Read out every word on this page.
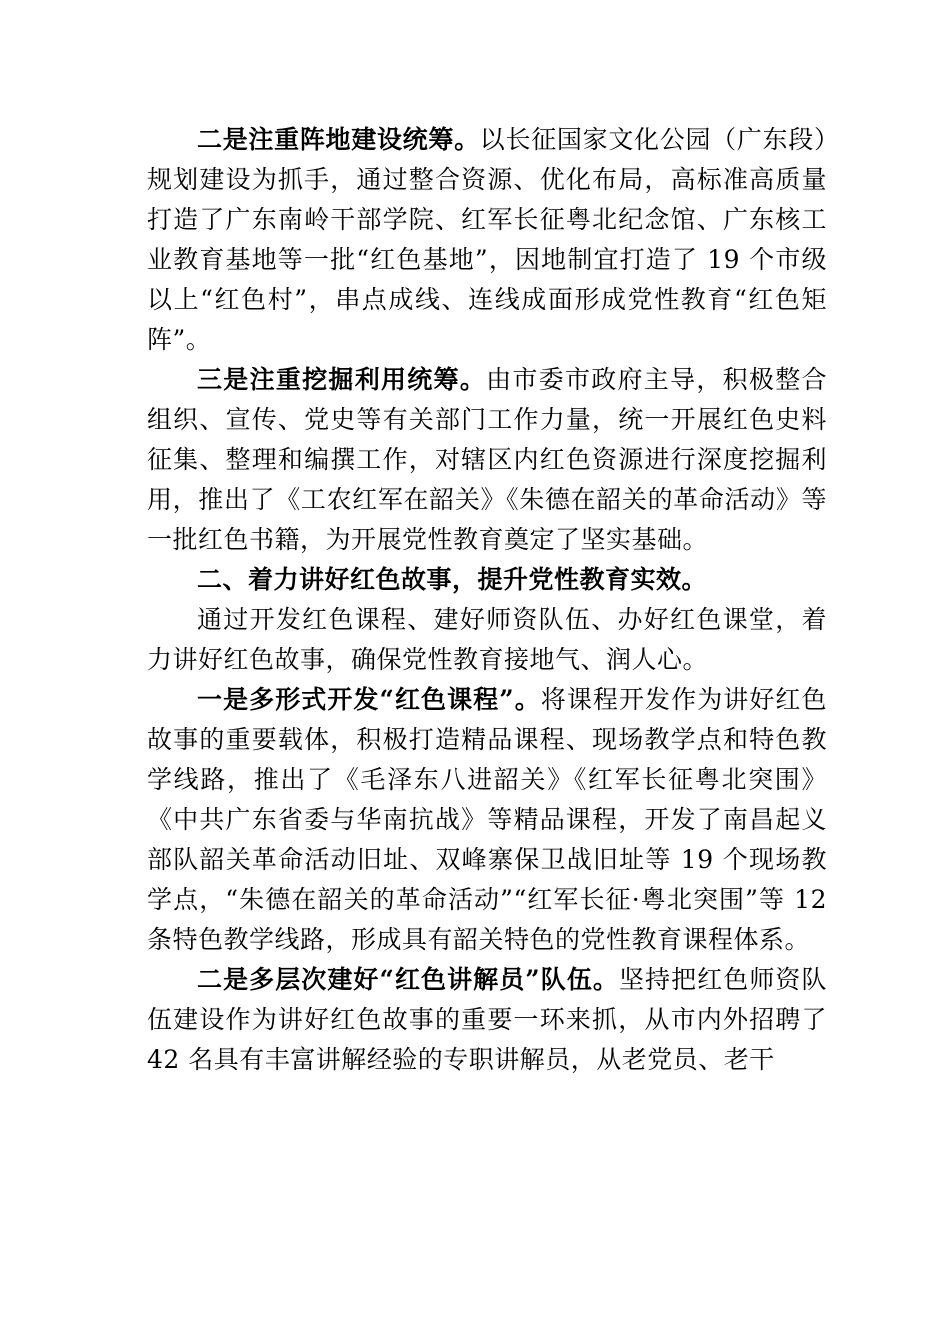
二是注重阵地建设统筹。以长征国家文化公园（广东段）规划建设为抓手，通过整合资源、优化布局，高标准高质量打造了广东南岭干部学院、红军长征粤北纪念馆、广东核工业教育基地等一批“红色基地”，因地制宜打造了 19 个市级以上“红色村”，串点成线、连线成面形成党性教育“红色矩阵”。

三是注重挖掘利用统筹。由市委市政府主导，积极整合组织、宣传、党史等有关部门工作力量，统一开展红色史料征集、整理和编撰工作，对辖区内红色资源进行深度挖掘利用，推出了《工农红军在韶关》《朱德在韶关的革命活动》等一批红色书籍，为开展党性教育奠定了坚实基础。

二、着力讲好红色故事，提升党性教育实效。

通过开发红色课程、建好师资队伍、办好红色课堂，着力讲好红色故事，确保党性教育接地气、润人心。

一是多形式开发“红色课程”。将课程开发作为讲好红色故事的重要载体，积极打造精品课程、现场教学点和特色教学线路，推出了《毛泽东八进韶关》《红军长征粤北突围》《中共广东省委与华南抗战》等精品课程，开发了南昌起义部队韶关革命活动旧址、双峰寨保卫战旧址等 19 个现场教学点，“朱德在韶关的革命活动”“红军长征·粤北突围”等 12 条特色教学线路，形成具有韶关特色的党性教育课程体系。

二是多层次建好“红色讲解员”队伍。坚持把红色师资队伍建设作为讲好红色故事的重要一环来抓，从市内外招聘了 42 名具有丰富讲解经验的专职讲解员，从老党员、老干
